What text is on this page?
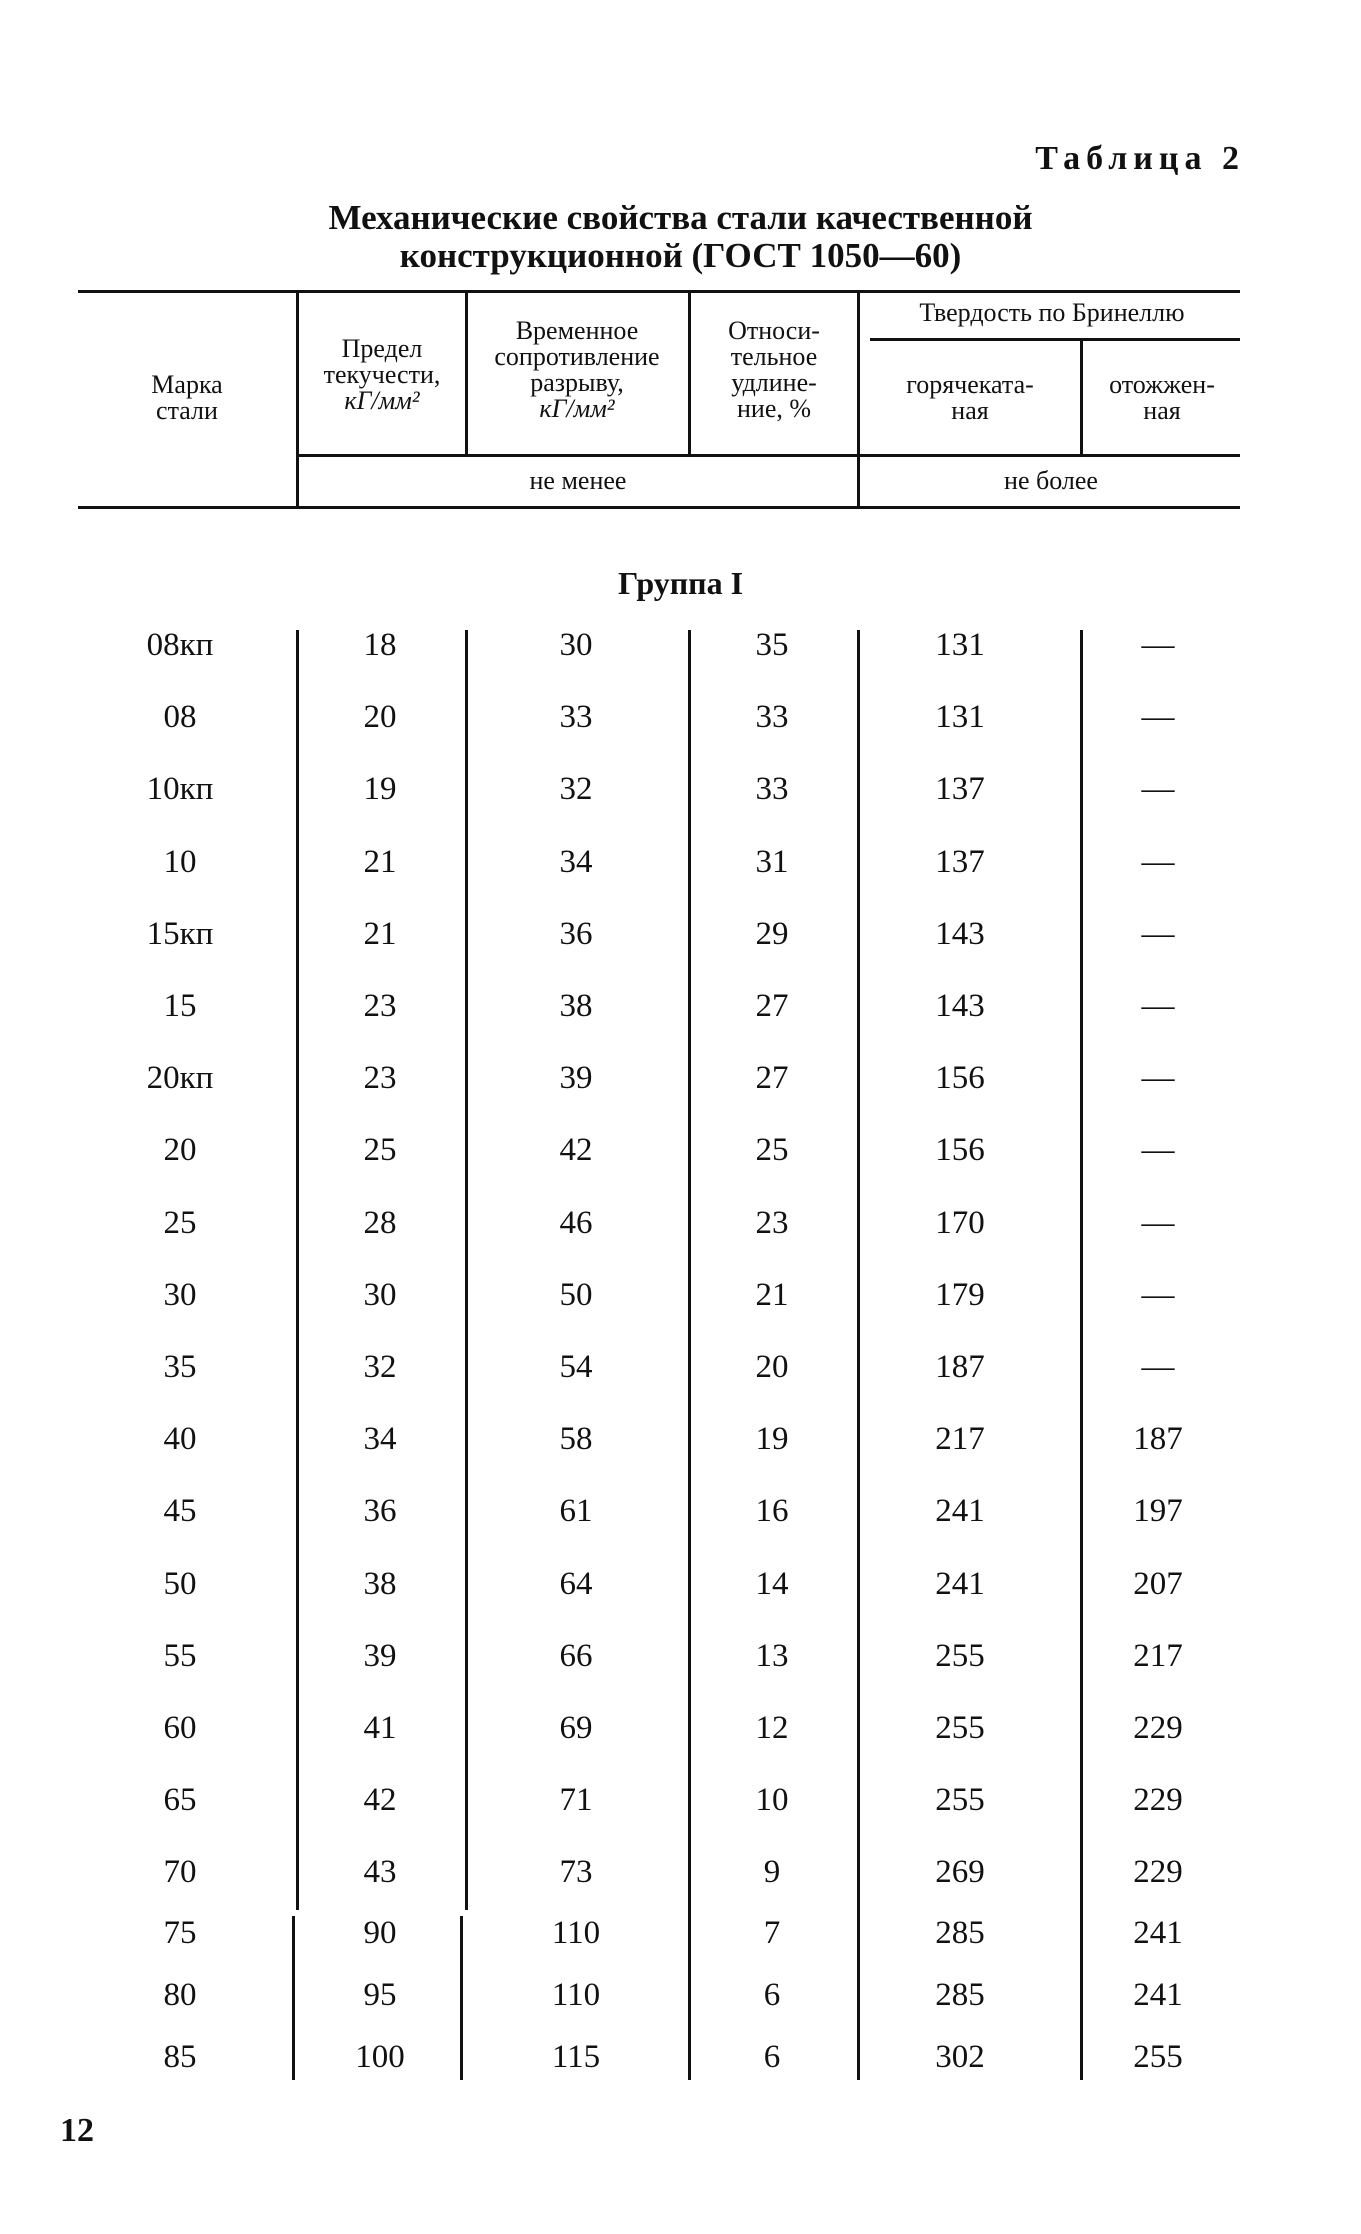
Таблица 2
Механические свойства стали качественной
конструкционной (ГОСТ 1050—60)
Марка
стали
Предел
текучести,
кГ/мм²
Временное
сопротивление
разрыву,
кГ/мм²
Относи-
тельное
удлине-
ние, %
Твердость по Бринеллю
горячеката-
ная
отожжен-
ная
не менее	не более
Группа I
08кп	18	30	35	131	—
08	20	33	33	131	—
10кп	19	32	33	137	—
10	21	34	31	137	—
15кп	21	36	29	143	—
15	23	38	27	143	—
20кп	23	39	27	156	—
20	25	42	25	156	—
25	28	46	23	170	—
30	30	50	21	179	—
35	32	54	20	187	—
40	34	58	19	217	187
45	36	61	16	241	197
50	38	64	14	241	207
55	39	66	13	255	217
60	41	69	12	255	229
65	42	71	10	255	229
70	43	73	9	269	229
75	90	110	7	285	241
80	95	110	6	285	241
85	100	115	6	302	255
12
